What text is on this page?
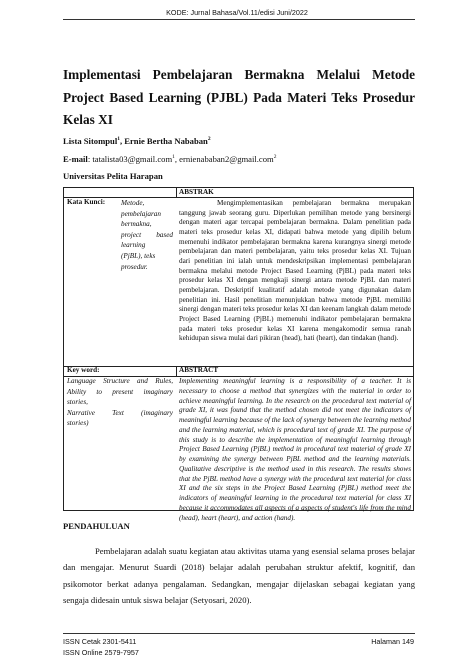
KODE: Jurnal Bahasa/Vol.11/edisi Juni/2022
Implementasi Pembelajaran Bermakna Melalui Metode
Project Based Learning (PJBL) Pada Materi Teks Prosedur
Kelas XI
Lista Sitompul$^1$, Ernie Bertha Nababan$^2$
E-mail: tatalista03@gmail.com$^1$, ernienababan2@gmail.com$^2$
Universitas Pelita Harapan
ABSTRAK
Kata Kunci: Metode,
pembelajaran
bermakna,
project based
learning
(PjBL), teks
prosedur.
Mengimplementasikan pembelajaran bermakna merupakan tanggung jawab seorang guru. Diperlukan pemilihan metode yang bersinergi dengan materi agar tercapai pembelajaran bermakna. Dalam penelitian pada materi teks prosedur kelas XI, didapati bahwa metode yang dipilih belum memenuhi indikator pembelajaran bermakna karena kurangnya sinergi metode pembelajaran dan materi pembelajaran, yaitu teks prosedur kelas XI. Tujuan dari penelitian ini ialah untuk mendeskripsikan implementasi pembelajaran bermakna melalui metode Project Based Learning (PjBL) pada materi teks prosedur kelas XI dengan mengkaji sinergi antara metode PjBL dan materi pembelajaran. Deskriptif kualitatif adalah metode yang digunakan dalam penelitian ini. Hasil penelitian menunjukkan bahwa metode PjBL memiliki sinergi dengan materi teks prosedur kelas XI dan keenam langkah dalam metode Project Based Learning (PjBL) memenuhi indikator pembelajaran bermakna pada materi teks prosedur kelas XI karena mengakomodir semua ranah kehidupan siswa mulai dari pikiran (head), hati (heart), dan tindakan (hand).
Key word:	ABSTRACT
Language Structure and Rules,
Ability to present imaginary
stories,
Narrative Text (imaginary
stories)
Implementing meaningful learning is a responsibility of a teacher. It is necessary to choose a method that synergizes with the material in order to achieve meaningful learning. In the research on the procedural text material of grade XI, it was found that the method chosen did not meet the indicators of meaningful learning because of the lack of synergy between the learning method and the learning material, which is procedural text of grade XI. The purpose of this study is to describe the implementation of meaningful learning through Project Based Learning (PjBL) method in procedural text material of grade XI by examining the synergy between PjBL method and the learning materials. Qualitative descriptive is the method used in this research. The results shows that the PjBL method have a synergy with the procedural text material for class XI and the six steps in the Project Based Learning (PjBL) method meet the indicators of meaningful learning in the procedural text material for class XI because it accommodates all aspects of a aspects of student's life from the mind (head), heart (heart), and action (hand).
PENDAHULUAN
Pembelajaran adalah suatu kegiatan atau aktivitas utama yang esensial selama proses belajar dan mengajar. Menurut Suardi (2018) belajar adalah perubahan struktur afektif, kognitif, dan psikomotor berkat adanya pengalaman. Sedangkan, mengajar dijelaskan sebagai kegiatan yang sengaja didesain untuk siswa belajar (Setyosari, 2020).
ISSN Cetak 2301-5411
ISSN Online 2579-7957
Halaman 149
